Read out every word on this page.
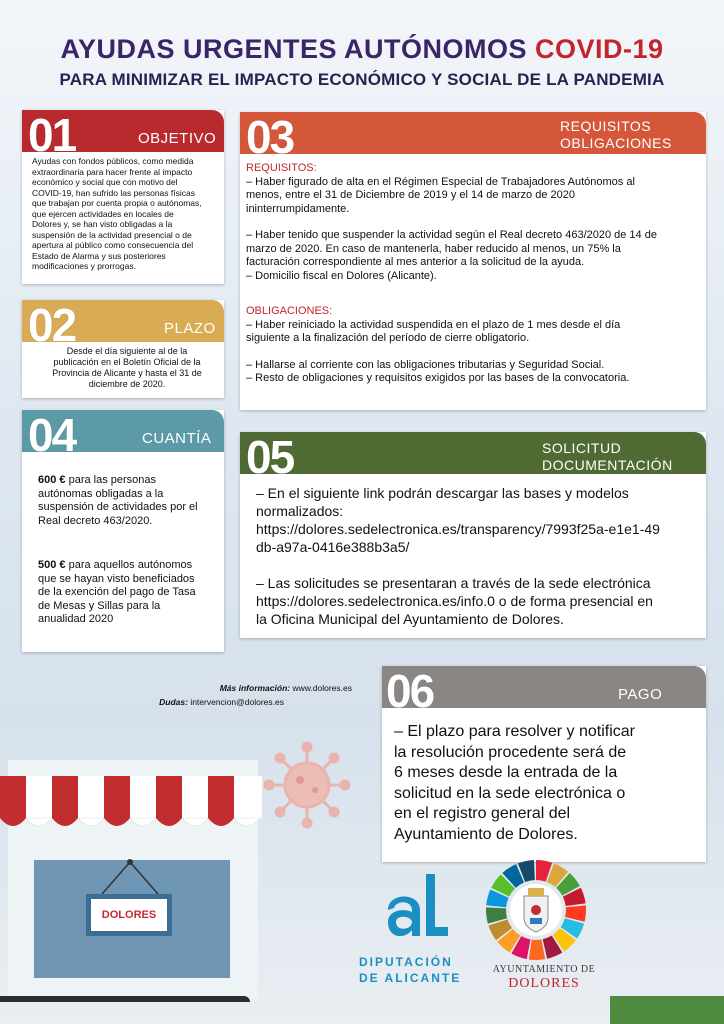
AYUDAS URGENTES AUTÓNOMOS COVID-19
PARA MINIMIZAR EL IMPACTO ECONÓMICO Y SOCIAL DE LA PANDEMIA
01	OBJETIVO
Ayudas con fondos públicos, como medida
extraordinaria para hacer frente al impacto
económico y social que con motivo del
COVID-19, han sufrido las personas físicas
que trabajan por cuenta propia o autónomas,
que ejercen actividades en locales de
Dolores y, se han visto obligadas a la
suspensión de la actividad presencial o de
apertura al público como consecuencia del
Estado de Alarma y sus posteriores
modificaciones y prorrogas.
02	PLAZO
Desde el día siguiente al de la
publicación en el Boletín Oficial de la
Provincia de Alicante y hasta el 31 de
diciembre de 2020.
03	REQUISITOS
OBLIGACIONES
REQUISITOS:
– Haber figurado de alta en el Régimen Especial de Trabajadores Autónomos al
menos, entre el 31 de Diciembre de 2019 y el 14 de marzo de 2020
ininterrumpidamente.
– Haber tenido que suspender la actividad según el Real decreto 463/2020 de 14 de
marzo de 2020. En caso de mantenerla, haber reducido al menos, un 75% la
facturación correspondiente al mes anterior a la solicitud de la ayuda.
– Domicilio fiscal en Dolores (Alicante).
OBLIGACIONES:
– Haber reiniciado la actividad suspendida en el plazo de 1 mes desde el día
siguiente a la finalización del período de cierre obligatorio.
– Hallarse al corriente con las obligaciones tributarias y Seguridad Social.
– Resto de obligaciones y requisitos exigidos por las bases de la convocatoria.
04	CUANTÍA
600 € para las personas
autónomas obligadas a la
suspensión de actividades por el
Real decreto 463/2020.
500 € para aquellos autónomos
que se hayan visto beneficiados
de la exención del pago de Tasa
de Mesas y Sillas para la
anualidad 2020
05	SOLICITUD
DOCUMENTACIÓN
– En el siguiente link podrán descargar las bases y modelos
normalizados:
https://dolores.sedelectronica.es/transparency/7993f25a-e1e1-49
db-a97a-0416e388b3a5/
– Las solicitudes se presentaran a través de la sede electrónica
https://dolores.sedelectronica.es/info.0 o de forma presencial en
la Oficina Municipal del Ayuntamiento de Dolores.
Más información: www.dolores.es
Dudas: intervencion@dolores.es	06	PAGO
– El plazo para resolver y notificar
la resolución procedente será de
6 meses desde la entrada de la
solicitud en la sede electrónica o
en el registro general del
Ayuntamiento de Dolores.
DOLORES
DIPUTACIÓN
DE ALICANTE
AYUNTAMIENTO DE
DOLORES
